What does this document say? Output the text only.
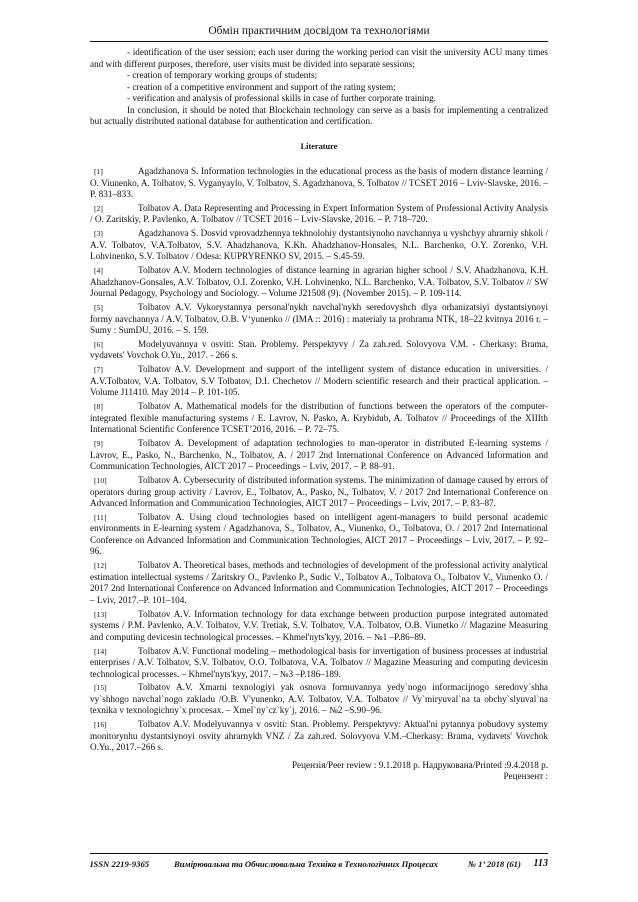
Обмін практичним досвідом та технологіями

- identification of the user session; each user during the working period can visit the university ACU many times and with different purposes, therefore, user visits must be divided into separate sessions;

- creation of temporary working groups of students;

- creation of a competitive environment and support of the rating system;

- verification and analysis of professional skills in case of further corporate training.

In conclusion, it should be noted that Blockchain technology can serve as a basis for implementing a centralized but actually distributed national database for authentication and certification.

Literature

[1]	Agadzhanova S. Information technologies in the educational process as the basis of modern distance learning / O. Viunenko, A. Tolbatov, S. Vyganyaylo, V. Tolbatov, S. Agadzhanova, S. Tolbatov // TCSET 2016 – Lviv-Slavske, 2016. – P. 831–833.

[2]	Tolbatov A. Data Representing and Processing in Expert Information System of Professional Activity Analysis / O. Zaritskiy, P. Pavlenko, A. Tolbatov // TCSET 2016 – Lviv-Slavske, 2016. – P. 718–720.

[3]	Agadzhanova S. Dosvid vprovadzhennya tekhnolohiy dystantsiynoho navchannya u vyshchyy ahrarniy shkoli / A.V. Tolbatov, V.A.Tolbatov, S.V. Ahadzhanova, K.Kh. Ahadzhanov-Honsales, N.L. Barchenko, O.Y. Zorenko, V.H. Lohvinenko, S.V. Tolbatov / Odesa: KUPRYRENKO SV, 2015. – S.45-59.

[4]	Tolbatov A.V. Modern technologies of distance learning in agrarian higher school / S.V. Ahadzhanova, K.H. Ahadzhanov-Gonsales, A.V. Tolbatov, O.I. Zorenko, V.H. Lohvinenko, N.L. Barchenko, V.A. Tolbatov, S.V. Tolbatov // SW Journal Pedagogy, Psychology and Sociology. – Volume J21508 (9). (November 2015). – P. 109-114.

[5]	Tolbatov A.V. Vykorystannya personal'nykh navchal'nykh seredovyshch dlya orhanizatsiyi dystantsiynoyi formy navchannya / A.V. Tolbatov, O.B. V‘yunenko // (IMA :: 2016) : materialy ta prohrama NTK, 18–22 kvitnya 2016 r. – Sumy : SumDU, 2016. – S. 159.

[6]	Modelyuvannya v osviti: Stan. Problemy. Perspektyvy / Za zah.red. Solovyova V.M. - Cherkasy: Brama, vydavets' Vovchok O.Yu., 2017. - 266 s.

[7]	Tolbatov A.V. Development and support of the intelligent system of distance education in universities. / A.V.Tolbatov, V.A. Tolbatov, S.V Tolbatov, D.I. Chechetov // Modern scientific research and their practical application. – Volume J11410. May 2014 – P. 101-105.

[8]	Tolbatov A. Mathematical models for the distribution of functions between the operators of the computer-integrated flexible manufacturing systems / E. Lavrov, N. Pasko, A. Krybidub, A. Tolbatov // Proceedings of the XIIIth International Scientific Conference TCSET’2016, 2016. – P. 72–75.

[9]	Tolbatov A. Development of adaptation technologies to man-operator in distributed E-learning systems / Lavrov, E., Pasko, N., Barchenko, N., Tolbatov, A. / 2017 2nd International Conference on Advanced Information and Communication Technologies, AICT 2017 – Proceedings – Lviv, 2017. – P. 88–91.

[10]	Tolbatov A. Cybersecurity of distributed information systems. The minimization of damage caused by errors of operators during group activity / Lavrov, E., Tolbatov, A., Pasko, N., Tolbatov, V. / 2017 2nd International Conference on Advanced Information and Communication Technologies, AICT 2017 – Proceedings – Lviv, 2017. – P. 83–87.

[11]	Tolbatov A. Using cloud technologies based on intelligent agent-managers to build personal academic environments in E-learning system / Agadzhanova, S., Tolbatov, A., Viunenko, O., Tolbatova, O. / 2017 2nd International Conference on Advanced Information and Communication Technologies, AICT 2017 – Proceedings – Lviv, 2017. – P. 92–96.

[12]	Tolbatov A. Theoretical bases, methods and technologies of development of the professional activity analytical estimation intellectual systems / Zaritskry O., Pavlenko P., Sudic V., Tolbatov A., Tolbatova O., Tolbatov V., Viunenko O. / 2017 2nd International Conference on Advanced Information and Communication Technologies, AICT 2017 – Proceedings – Lviv, 2017.–P. 101–104.

[13]	Tolbatov A.V. Information technology for data exchange between production purpose integrated automated systems / P.M. Pavlenko, A.V. Tolbatov, V.V. Tretiak, S.V. Tolbatov, V.A. Tolbatov, O.B. Viunetko // Magazine Measuring and computing devicesin technological processes. – Khmel'nyts'kyy, 2016. – №1 –P.86–89.

[14]	Tolbatov A.V. Functional modeling – methodological basis for invertigation of business processes at industrial enterprises / A.V. Tolbatov, S.V. Tolbatov, O.O. Tolbatova, V.A. Tolbatov // Magazine Measuring and computing devicesin technological processes. – Khmel'nyts'kyy, 2017. – №3 –P.186–189.

[15]	Tolbatov A.V. Xmarni texnologiyi yak osnova formuvannya yedy`nogo informacijnogo seredovy`shha vy`shhogo navchal`nogo zakladu /O.B. V'yunenko, A.V. Tolbatov, V.A. Tolbatov // Vy`miryuval`na ta obchy`slyuval`na texnika v texnologichny`x procesax. – Xmel`ny`cz`ky`j, 2016. – №2 –S.90–96.

[16]	Tolbatov A.V. Modelyuvannya v osviti: Stan. Problemy. Perspektyvy: Aktual'ni pytannya pobudovy systemy monitorynhu dystantsiynoyi osvity ahrarnykh VNZ / Za zah.red. Solovyova V.M.–Cherkasy: Brama, vydavets' Vovchok O.Yu., 2017.–266 s.

Рецензія/Peer review : 9.1.2018 р. Надрукована/Printed :9.4.2018 р.

Рецензент :

ISSN 2219-9365	Вимірювальна та Обчислювальна Техніка в Технологічних Процесах	№ 1’ 2018 (61) 113
